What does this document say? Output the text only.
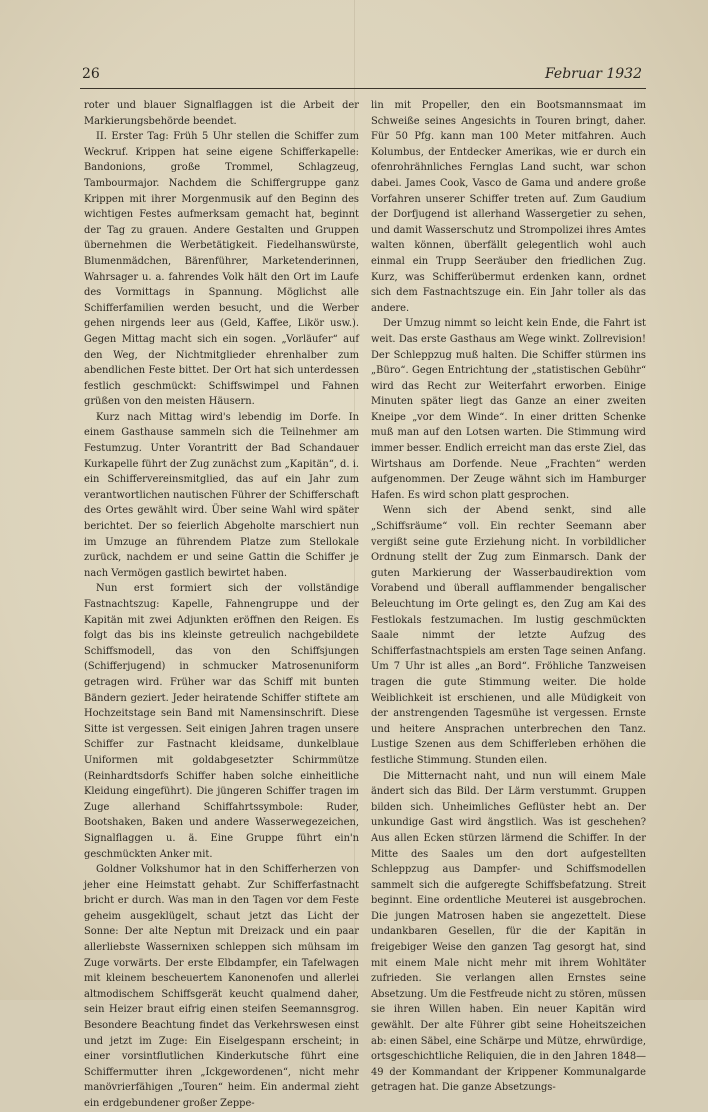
26	Februar 1932

roter und blauer Signalflaggen ist die Arbeit der Markierungsbehörde beendet.

II. Erster Tag: Früh 5 Uhr stellen die Schiffer zum Weckruf. Krippen hat seine eigene Schifferkapelle: Bandonions, große Trommel, Schlagzeug, Tambourmajor. Nachdem die Schiffergruppe ganz Krippen mit ihrer Morgenmusik auf den Beginn des wichtigen Festes aufmerksam gemacht hat, beginnt der Tag zu grauen. Andere Gestalten und Gruppen übernehmen die Werbetätigkeit. Fiedelhanswürste, Blumenmädchen, Bärenführer, Marketenderinnen, Wahrsager u. a. fahrendes Volk hält den Ort im Laufe des Vormittags in Spannung. Möglichst alle Schifferfamilien werden besucht, und die Werber gehen nirgends leer aus (Geld, Kaffee, Likör usw.). Gegen Mittag macht sich ein sogen. „Vorläufer“ auf den Weg, der Nichtmitglieder ehrenhalber zum abendlichen Feste bittet. Der Ort hat sich unterdessen festlich geschmückt: Schiffswimpel und Fahnen grüßen von den meisten Häusern.

Kurz nach Mittag wird's lebendig im Dorfe. In einem Gasthause sammeln sich die Teilnehmer am Festumzug. Unter Vorantritt der Bad Schandauer Kurkapelle führt der Zug zunächst zum „Kapitän“, d. i. ein Schiffervereinsmitglied, das auf ein Jahr zum verantwortlichen nautischen Führer der Schifferschaft des Ortes gewählt wird. Über seine Wahl wird später berichtet. Der so feierlich Abgeholte marschiert nun im Umzuge an führendem Platze zum Stellokale zurück, nachdem er und seine Gattin die Schiffer je nach Vermögen gastlich bewirtet haben.

Nun erst formiert sich der vollständige Fastnachtszug: Kapelle, Fahnengruppe und der Kapitän mit zwei Adjunkten eröffnen den Reigen. Es folgt das bis ins kleinste getreulich nachgebildete Schiffsmodell, das von den Schiffsjungen (Schifferjugend) in schmucker Matrosenuniform getragen wird. Früher war das Schiff mit bunten Bändern geziert. Jeder heiratende Schiffer stiftete am Hochzeitstage sein Band mit Namensinschrift. Diese Sitte ist vergessen. Seit einigen Jahren tragen unsere Schiffer zur Fastnacht kleidsame, dunkelblaue Uniformen mit goldabgesetzter Schirmmütze (Reinhardtsdorfs Schiffer haben solche einheitliche Kleidung eingeführt). Die jüngeren Schiffer tragen im Zuge allerhand Schiffahrtssymbole: Ruder, Bootshaken, Baken und andere Wasserwegezeichen, Signalflaggen u. ä. Eine Gruppe führt ein'n geschmückten Anker mit.

Goldner Volkshumor hat in den Schifferherzen von jeher eine Heimstatt gehabt. Zur Schifferfastnacht bricht er durch. Was man in den Tagen vor dem Feste geheim ausgeklügelt, schaut jetzt das Licht der Sonne: Der alte Neptun mit Dreizack und ein paar allerliebste Wassernixen schleppen sich mühsam im Zuge vorwärts. Der erste Elbdampfer, ein Tafelwagen mit kleinem bescheuertem Kanonenofen und allerlei altmodischem Schiffsgerät keucht qualmend daher, sein Heizer braut eifrig einen steifen Seemannsgrog. Besondere Beachtung findet das Verkehrswesen einst und jetzt im Zuge: Ein Eiselgespann erscheint; in einer vorsintflutlichen Kinderkutsche führt eine Schiffermutter ihren „Ickgewordenen“, nicht mehr manövrierfähigen „Touren“ heim. Ein andermal zieht ein erdgebundener großer Zeppe-

lin mit Propeller, den ein Bootsmannsmaat im Schweiße seines Angesichts in Touren bringt, daher. Für 50 Pfg. kann man 100 Meter mitfahren. Auch Kolumbus, der Entdecker Amerikas, wie er durch ein ofenrohrähnliches Fernglas Land sucht, war schon dabei. James Cook, Vasco de Gama und andere große Vorfahren unserer Schiffer treten auf. Zum Gaudium der Dorfjugend ist allerhand Wassergetier zu sehen, und damit Wasserschutz und Strompolizei ihres Amtes walten können, überfällt gelegentlich wohl auch einmal ein Trupp Seeräuber den friedlichen Zug. Kurz, was Schifferübermut erdenken kann, ordnet sich dem Fastnachtszuge ein. Ein Jahr toller als das andere.

Der Umzug nimmt so leicht kein Ende, die Fahrt ist weit. Das erste Gasthaus am Wege winkt. Zollrevision! Der Schleppzug muß halten. Die Schiffer stürmen ins „Büro“. Gegen Entrichtung der „statistischen Gebühr“ wird das Recht zur Weiterfahrt erworben. Einige Minuten später liegt das Ganze an einer zweiten Kneipe „vor dem Winde“. In einer dritten Schenke muß man auf den Lotsen warten. Die Stimmung wird immer besser. Endlich erreicht man das erste Ziel, das Wirtshaus am Dorfende. Neue „Frachten“ werden aufgenommen. Der Zeuge wähnt sich im Hamburger Hafen. Es wird schon platt gesprochen.

Wenn sich der Abend senkt, sind alle „Schiffsräume“ voll. Ein rechter Seemann aber vergißt seine gute Erziehung nicht. In vorbildlicher Ordnung stellt der Zug zum Einmarsch. Dank der guten Markierung der Wasserbaudirektion vom Vorabend und überall aufflammender bengalischer Beleuchtung im Orte gelingt es, den Zug am Kai des Festlokals festzumachen. Im lustig geschmückten Saale nimmt der letzte Aufzug des Schifferfastnachtspiels am ersten Tage seinen Anfang. Um 7 Uhr ist alles „an Bord“. Fröhliche Tanzweisen tragen die gute Stimmung weiter. Die holde Weiblichkeit ist erschienen, und alle Müdigkeit von der anstrengenden Tagesmühe ist vergessen. Ernste und heitere Ansprachen unterbrechen den Tanz. Lustige Szenen aus dem Schifferleben erhöhen die festliche Stimmung. Stunden eilen.

Die Mitternacht naht, und nun will einem Male ändert sich das Bild. Der Lärm verstummt. Gruppen bilden sich. Unheimliches Geflüster hebt an. Der unkundige Gast wird ängstlich. Was ist geschehen? Aus allen Ecken stürzen lärmend die Schiffer. In der Mitte des Saales um den dort aufgestellten Schleppzug aus Dampfer- und Schiffsmodellen sammelt sich die aufgeregte Schiffsbefatzung. Streit beginnt. Eine ordentliche Meuterei ist ausgebrochen. Die jungen Matrosen haben sie angezettelt. Diese undankbaren Gesellen, für die der Kapitän in freigebiger Weise den ganzen Tag gesorgt hat, sind mit einem Male nicht mehr mit ihrem Wohltäter zufrieden. Sie verlangen allen Ernstes seine Absetzung. Um die Festfreude nicht zu stören, müssen sie ihren Willen haben. Ein neuer Kapitän wird gewählt. Der alte Führer gibt seine Hoheitszeichen ab: einen Säbel, eine Schärpe und Mütze, ehrwürdige, ortsgeschichtliche Reliquien, die in den Jahren 1848—49 der Kommandant der Krippener Kommunalgarde getragen hat. Die ganze Absetzungs-
